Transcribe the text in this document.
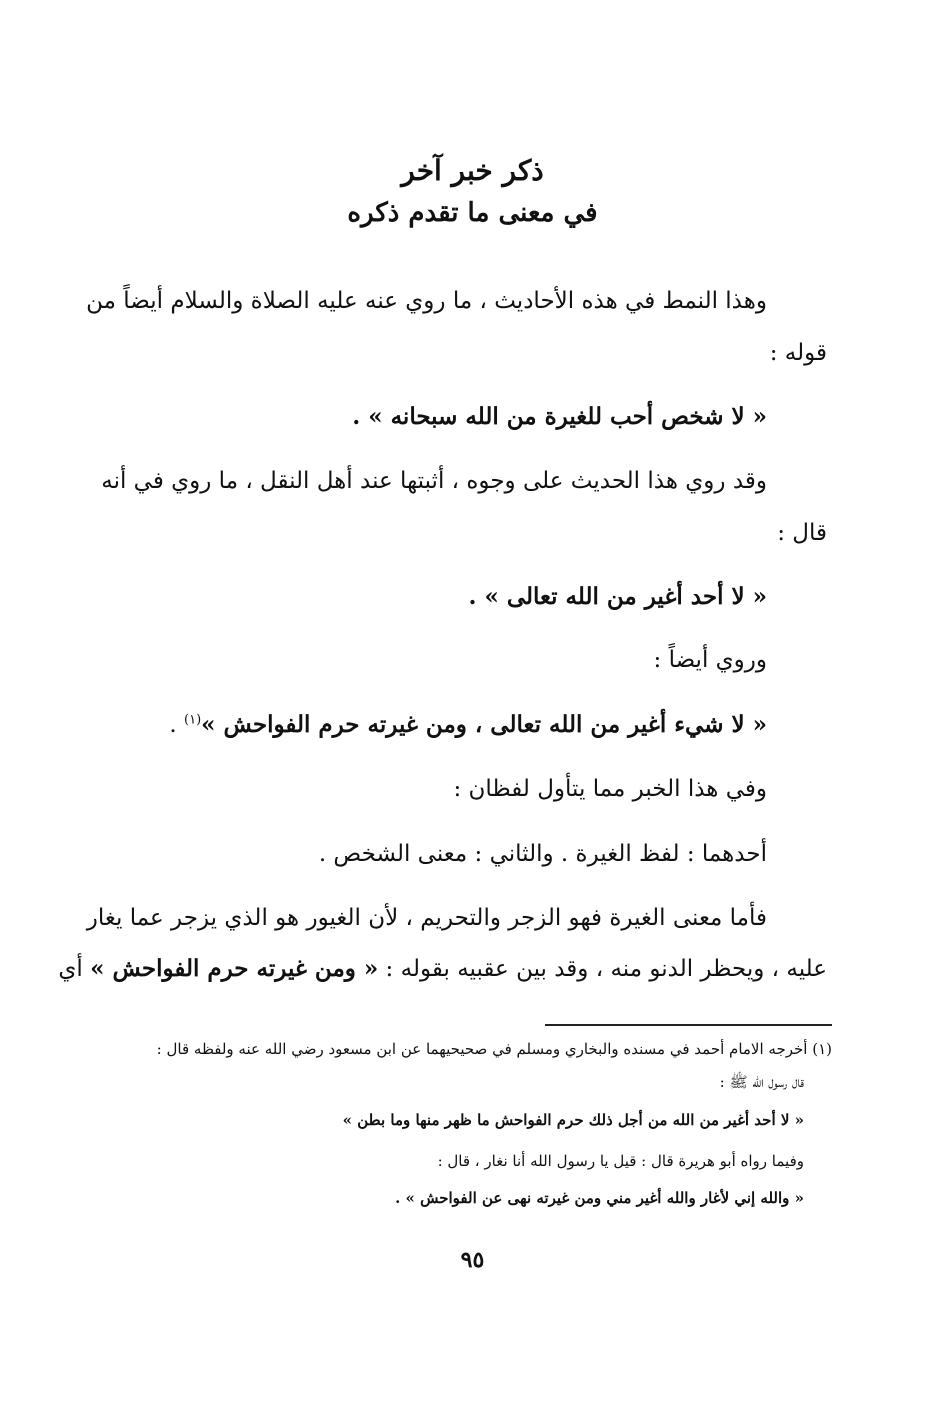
ذكر خبر آخر
في معنى ما تقدم ذكره
وهذا النمط في هذه الأحاديث ، ما روي عنه عليه الصلاة والسلام أيضاً من
قوله :
« لا شخص أحب للغيرة من الله سبحانه » .
وقد روي هذا الحديث على وجوه ، أثبتها عند أهل النقل ، ما روي في أنه
قال :
« لا أحد أغير من الله تعالى » .
وروي أيضاً :
« لا شيء أغير من الله تعالى ، ومن غيرته حرم الفواحش »$^{(١)}$ .
وفي هذا الخبر مما يتأول لفظان :
أحدهما : لفظ الغيرة . والثاني : معنى الشخص .
فأما معنى الغيرة فهو الزجر والتحريم ، لأن الغيور هو الذي يزجر عما يغار
عليه ، ويحظر الدنو منه ، وقد بين عقبيه بقوله : « ومن غيرته حرم الفواحش » أي
(١) أخرجه الامام أحمد في مسنده والبخاري ومسلم في صحيحيهما عن ابن مسعود رضي الله عنه ولفظه قال :
قال رسول الله ﷺ :
« لا أحد أغير من الله من أجل ذلك حرم الفواحش ما ظهر منها وما بطن »
وفيما رواه أبو هريرة قال : قيل يا رسول الله أنا نغار ، قال :
« والله إني لأغار والله أغير مني ومن غيرته نهى عن الفواحش » .
٩٥
